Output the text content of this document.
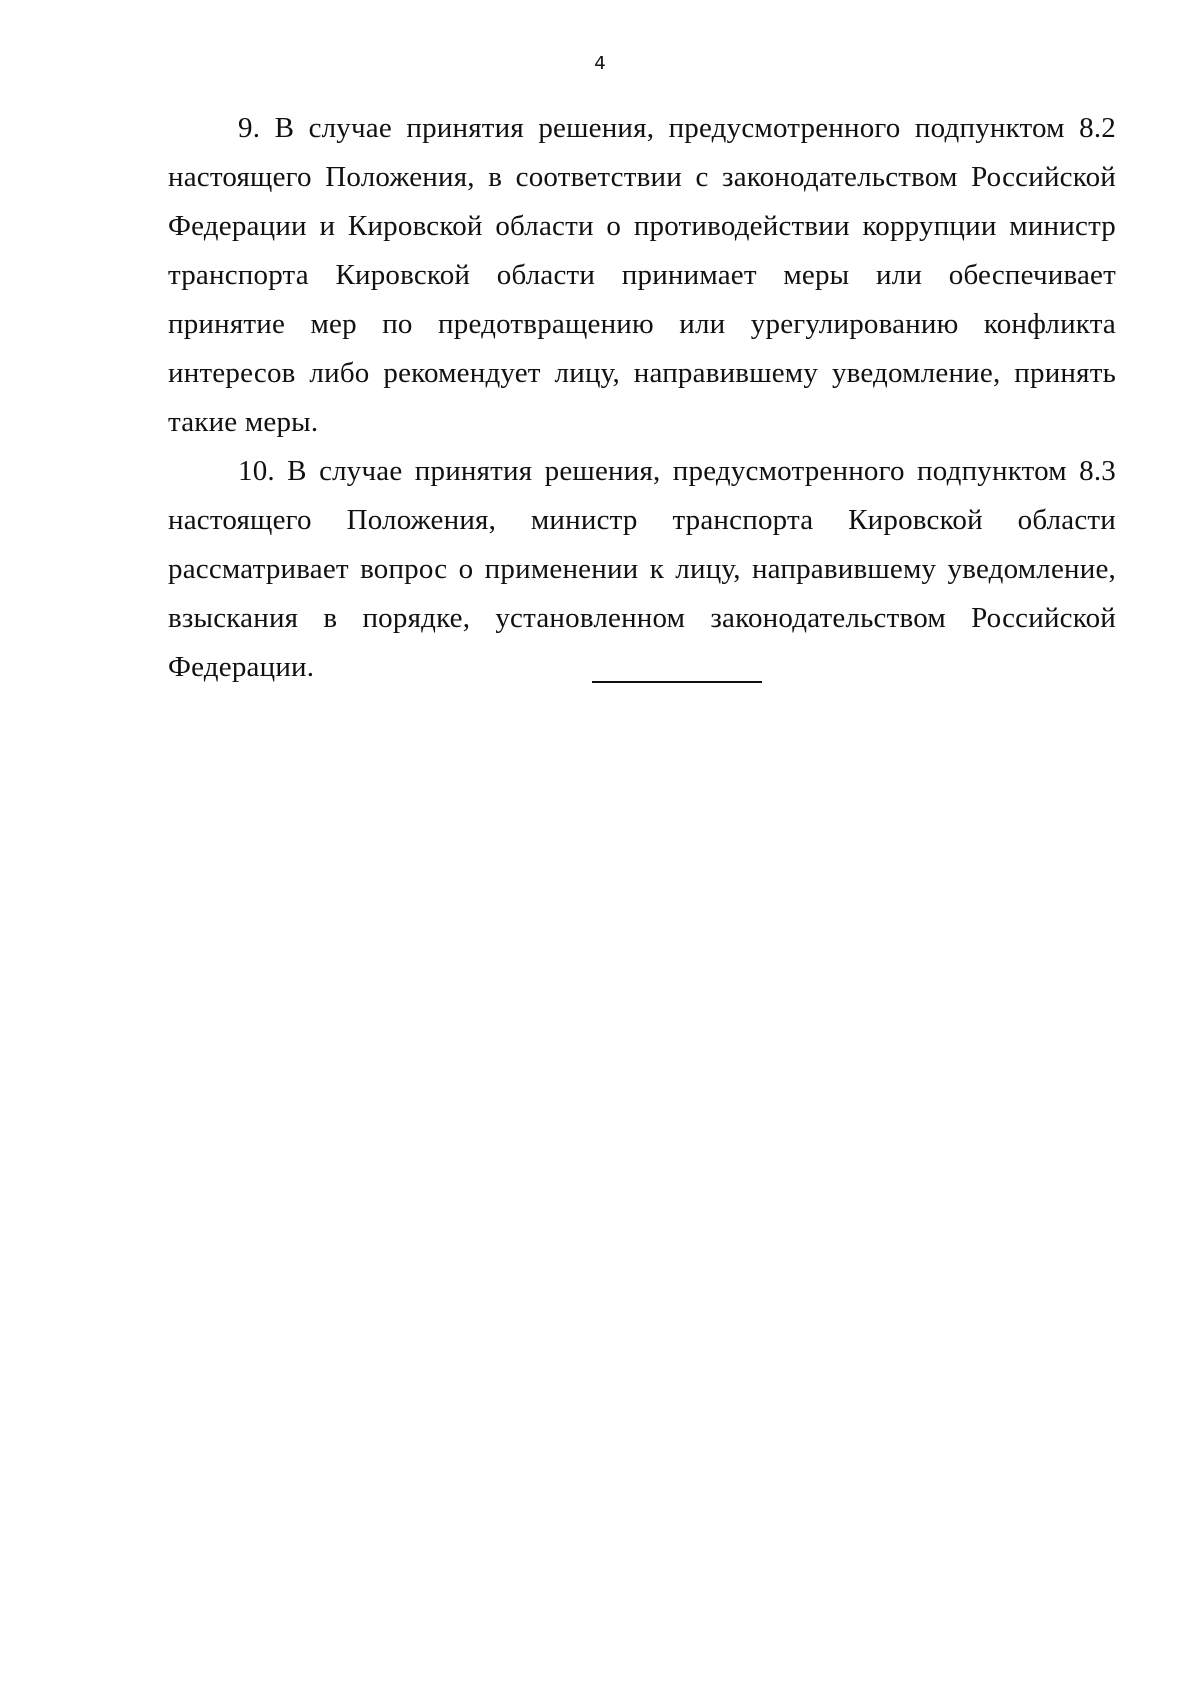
4

9. В случае принятия решения, предусмотренного подпунктом 8.2 настоящего Положения, в соответствии с законодательством Российской Федерации и Кировской области о противодействии коррупции министр транспорта Кировской области принимает меры или обеспечивает принятие мер по предотвращению или урегулированию конфликта интересов либо рекомендует лицу, направившему уведомление, принять такие меры.

10. В случае принятия решения, предусмотренного подпунктом 8.3 настоящего Положения, министр транспорта Кировской области рассматривает вопрос о применении к лицу, направившему уведомление, взыскания в порядке, установленном законодательством Российской Федерации.
